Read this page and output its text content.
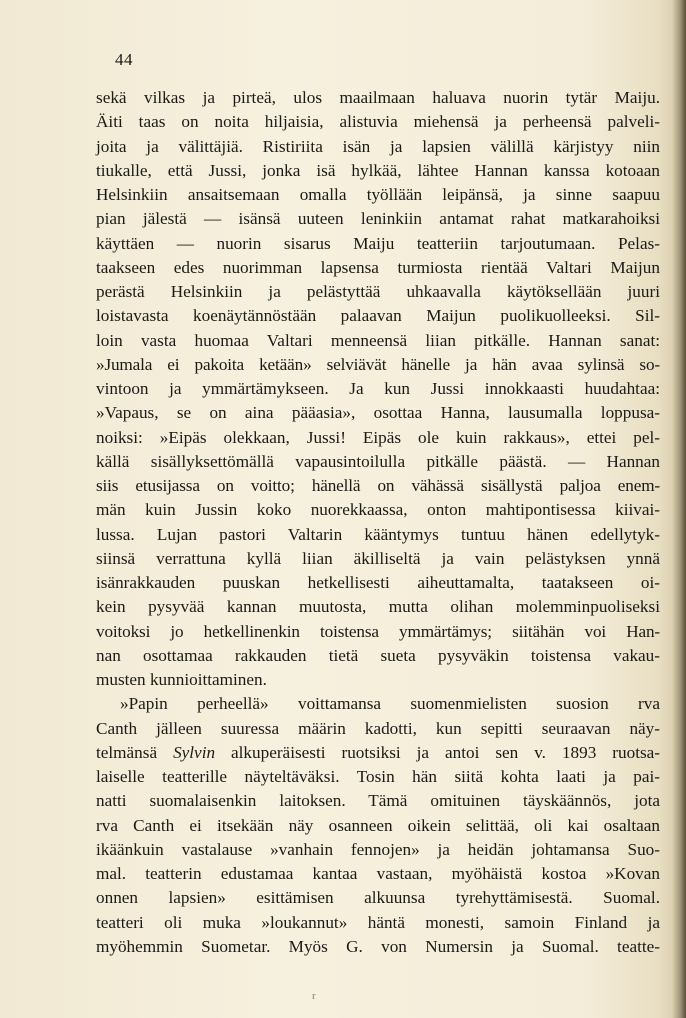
44
sekä vilkas ja pirteä, ulos maailmaan haluava nuorin tytär Maiju.
Äiti taas on noita hiljaisia, alistuvia miehensä ja perheensä palveli-
joita ja välittäjiä. Ristiriita isän ja lapsien välillä kärjistyy niin
tiukalle, että Jussi, jonka isä hylkää, lähtee Hannan kanssa kotoaan
Helsinkiin ansaitsemaan omalla työllään leipänsä, ja sinne saapuu
pian jälestä — isänsä uuteen leninkiin antamat rahat matkarahoiksi
käyttäen — nuorin sisarus Maiju teatteriin tarjoutumaan. Pelas-
taakseen edes nuorimman lapsensa turmiosta rientää Valtari Maijun
perästä Helsinkiin ja pelästyttää uhkaavalla käytöksellään juuri
loistavasta koenäytännöstään palaavan Maijun puolikuolleeksi. Sil-
loin vasta huomaa Valtari menneensä liian pitkälle. Hannan sanat:
»Jumala ei pakoita ketään» selviävät hänelle ja hän avaa sylinsä so-
vintoon ja ymmärtämykseen. Ja kun Jussi innokkaasti huudahtaa:
»Vapaus, se on aina pääasia», osottaa Hanna, lausumalla loppusa-
noiksi: »Eipäs olekkaan, Jussi! Eipäs ole kuin rakkaus», ettei pel-
källä sisällyksettömällä vapausintoilulla pitkälle päästä. — Hannan
siis etusijassa on voitto; hänellä on vähässä sisällystä paljoa enem-
män kuin Jussin koko nuorekkaassa, onton mahtipontisessa kiivai-
lussa. Lujan pastori Valtarin kääntymys tuntuu hänen edellytyk-
siinsä verrattuna kyllä liian äkilliseltä ja vain pelästyksen ynnä
isänrakkauden puuskan hetkellisesti aiheuttamalta, taatakseen oi-
kein pysyvää kannan muutosta, mutta olihan molemminpuoliseksi
voitoksi jo hetkellinenkin toistensa ymmärtämys; siitähän voi Han-
nan osottamaa rakkauden tietä sueta pysyväkin toistensa vakau-
musten kunnioittaminen.
»Papin perheellä» voittamansa suomenmielisten suosion rva
Canth jälleen suuressa määrin kadotti, kun sepitti seuraavan näy-
telmänsä Sylvin alkuperäisesti ruotsiksi ja antoi sen v. 1893 ruotsa-
laiselle teatterille näyteltäväksi. Tosin hän siitä kohta laati ja pai-
natti suomalaisenkin laitoksen. Tämä omituinen täyskäännös, jota
rva Canth ei itsekään näy osanneen oikein selittää, oli kai osaltaan
ikäänkuin vastalause »vanhain fennojen» ja heidän johtamansa Suo-
mal. teatterin edustamaa kantaa vastaan, myöhäistä kostoa »Kovan
onnen lapsien» esittämisen alkuunsa tyrehyttämisestä. Suomal.
teatteri oli muka »loukannut» häntä monesti, samoin Finland ja
myöhemmin Suometar. Myös G. von Numersin ja Suomal. teatte-
r
